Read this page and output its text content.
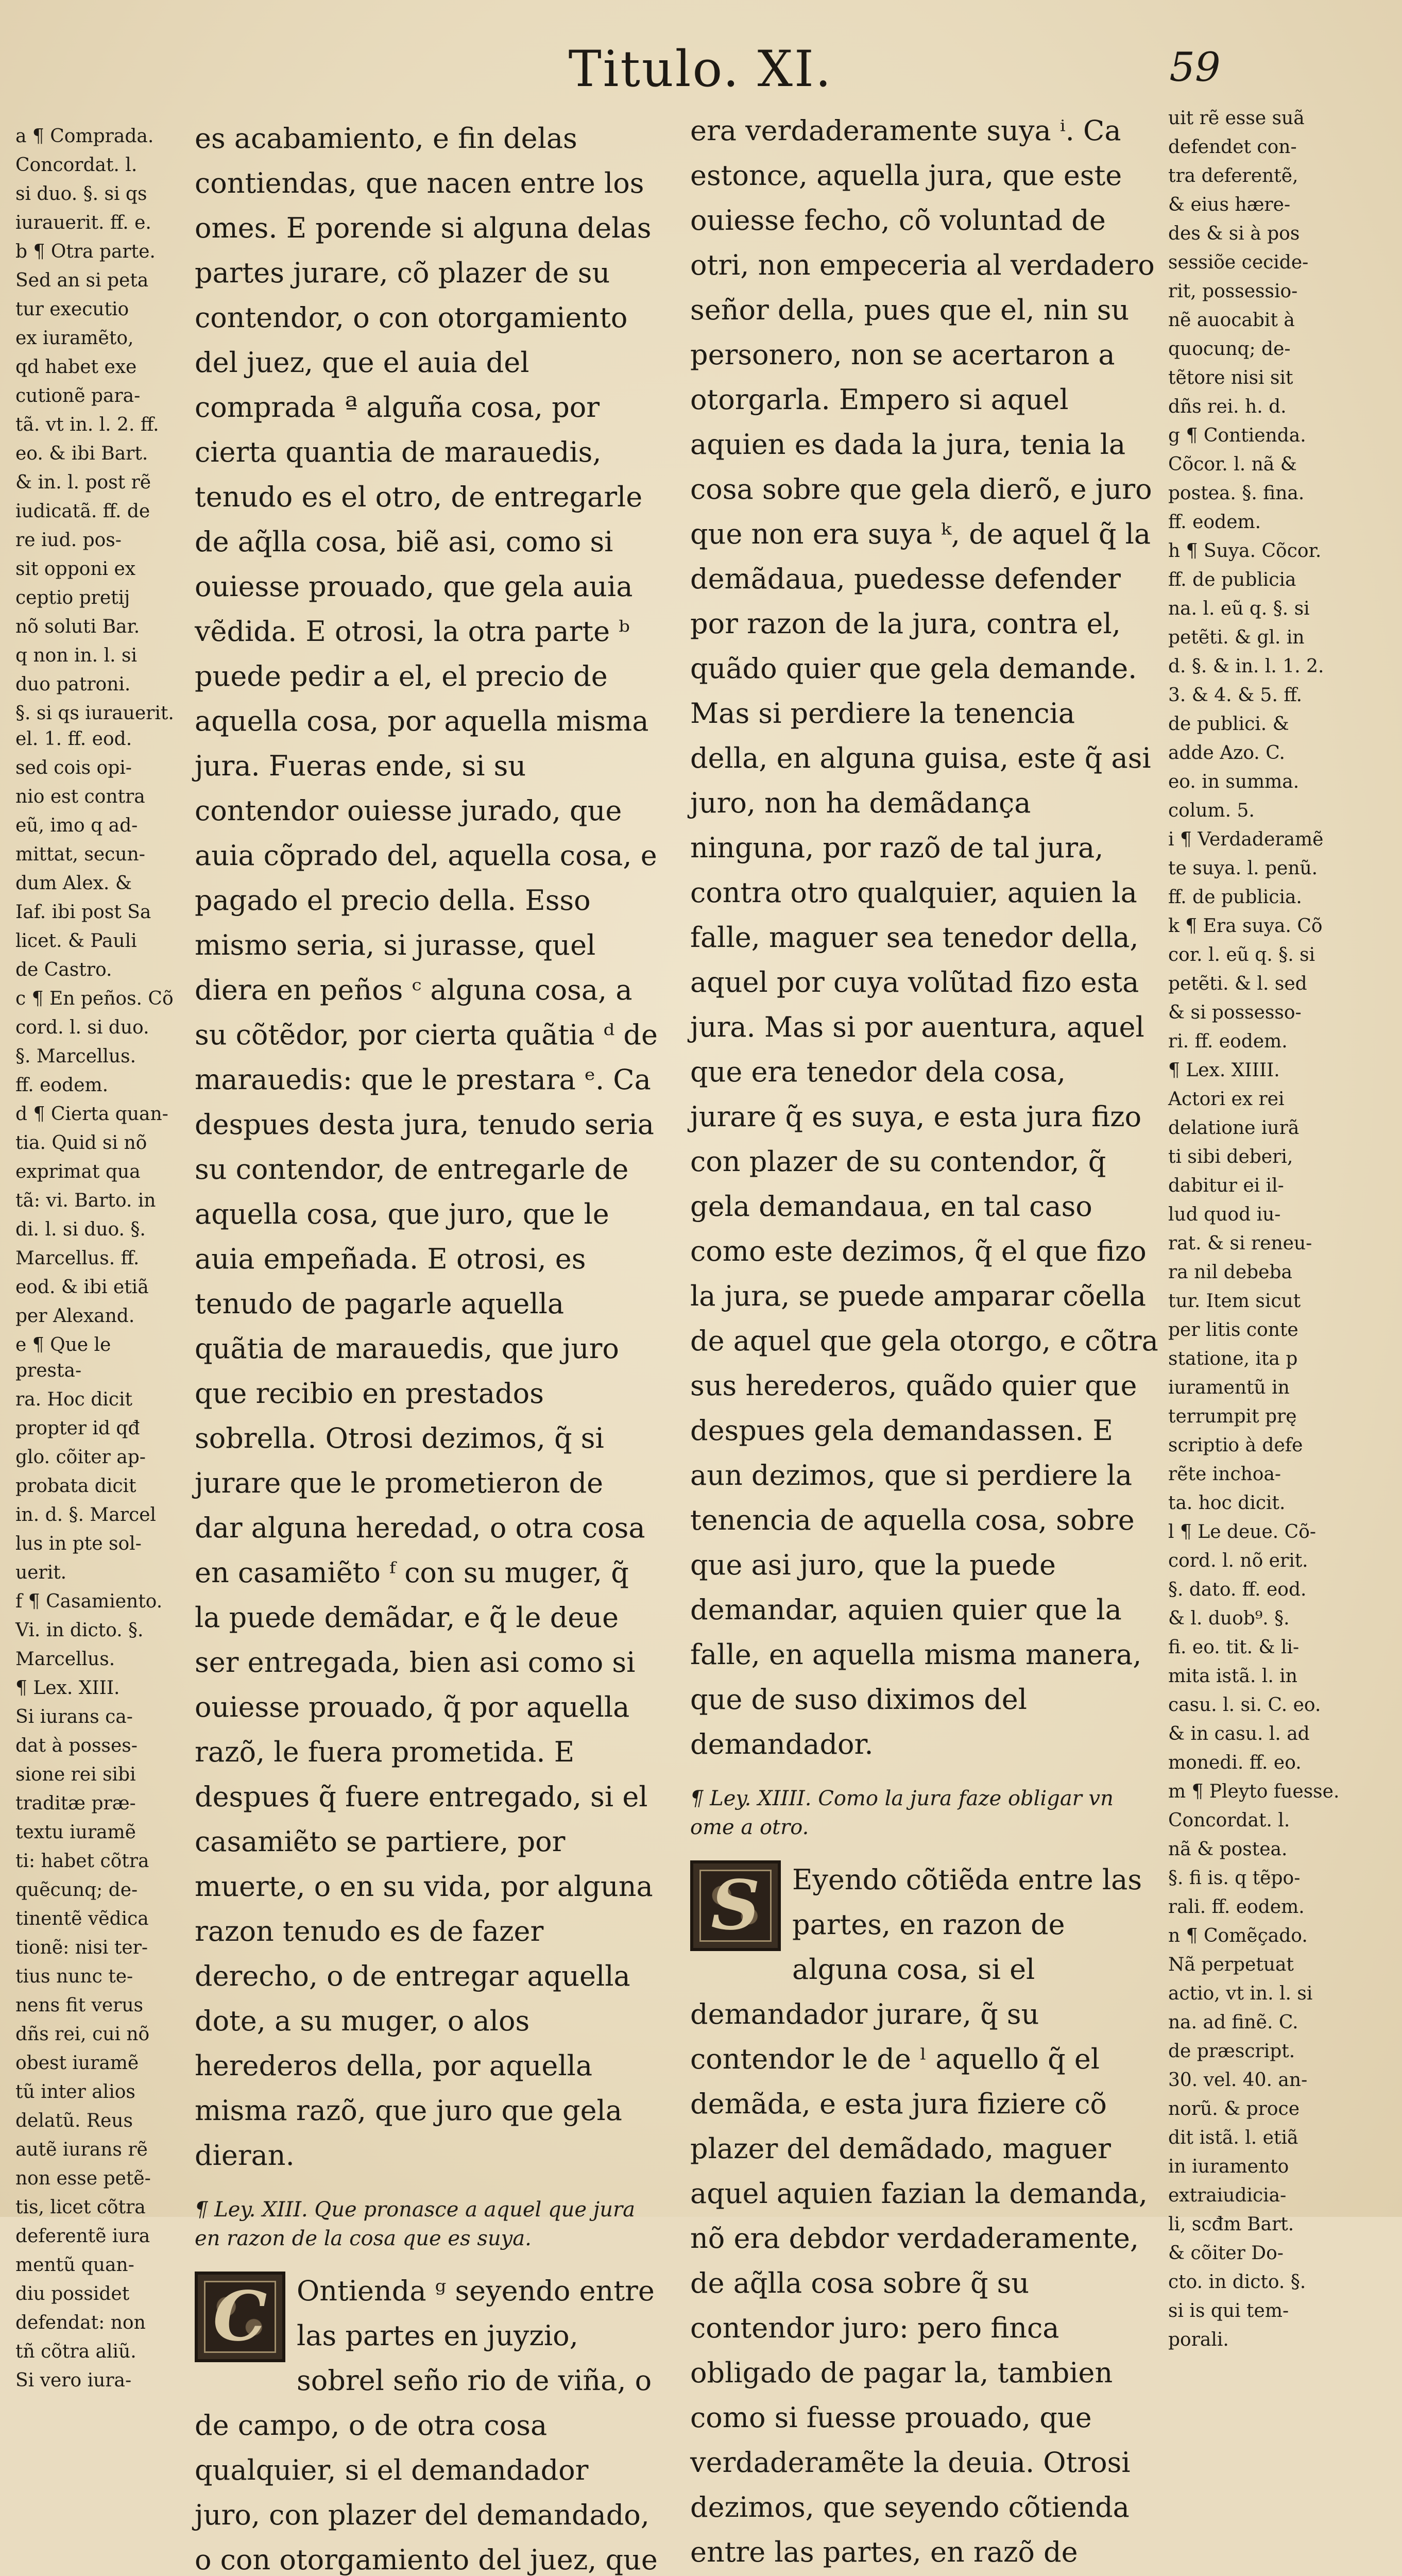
Titulo. XI.	59

a ¶ Comprada.

Concordat. l.

si duo. §. si qs

iurauerit. ff. e.

b ¶ Otra parte.

Sed an si peta

tur executio

ex iuramẽto,

qd habet exe

cutionẽ para-

tã. vt in. l. 2. ff.

eo. & ibi Bart.

& in. l. post rẽ

iudicatã. ff. de

re iud. pos-

sit opponi ex

ceptio pretij

nõ soluti Bar.

q non in. l. si

duo patroni.

§. si qs iurauerit. el. 1. ff. eod.

sed cois opi-

nio est contra

eũ, imo q ad-

mittat, secun-

dum Alex. &

Iaf. ibi post Sa

licet. & Pauli

de Castro.

c ¶ En peños. Cõ

cord. l. si duo.

§. Marcellus.

ff. eodem.

d ¶ Cierta quan-

tia. Quid si nõ

exprimat qua

tã: vi. Barto. in

di. l. si duo. §.

Marcellus. ff.

eod. & ibi etiã

per Alexand.

e ¶ Que le presta-

ra. Hoc dicit

propter id qđ

glo. cõiter ap-

probata dicit

in. d. §. Marcel

lus in pte sol-

uerit.

f ¶ Casamiento.

Vi. in dicto. §.

Marcellus.

¶ Lex. XIII.

Si iurans ca-

dat à posses-

sione rei sibi

traditæ præ-

textu iuramẽ

ti: habet cõtra

quẽcunq; de-

tinentẽ vẽdica

tionẽ: nisi ter-

tius nunc te-

nens fit verus

dñs rei, cui nõ

obest iuramẽ

tũ inter alios

delatũ. Reus

autẽ iurans rẽ

non esse petẽ-

tis, licet cõtra

deferentẽ iura

mentũ quan-

diu possidet

defendat: non

tñ cõtra aliũ.

Si vero iura-

es acabamiento, e fin delas contiendas, que nacen entre los omes. E porende si alguna delas partes jurare, cõ plazer de su contendor, o con otorgamiento del juez, que el auia del comprada ª alguña cosa, por cierta quantia de marauedis, tenudo es el otro, de entregarle de aq̃lla cosa, biẽ asi, como si ouiesse prouado, que gela auia vẽdida. E otrosi, la otra parte ᵇ puede pedir a el, el precio de aquella cosa, por aquella misma jura. Fueras ende, si su contendor ouiesse jurado, que auia cõprado del, aquella cosa, e pagado el precio della. Esso mismo seria, si jurasse, quel diera en peños ᶜ alguna cosa, a su cõtẽdor, por cierta quãtia ᵈ de marauedis: que le prestara ᵉ. Ca despues desta jura, tenudo seria su contendor, de entregarle de aquella cosa, que juro, que le auia empeñada. E otrosi, es tenudo de pagarle aquella quãtia de marauedis, que juro que recibio en prestados sobrella. Otrosi dezimos, q̃ si jurare que le prometieron de dar alguna heredad, o otra cosa en casamiẽto ᶠ con su muger, q̃ la puede demãdar, e q̃ le deue ser entregada, bien asi como si ouiesse prouado, q̃ por aquella razõ, le fuera prometida. E despues q̃ fuere entregado, si el casamiẽto se partiere, por muerte, o en su vida, por alguna razon tenudo es de fazer derecho, o de entregar aquella dote, a su muger, o alos herederos della, por aquella misma razõ, que juro que gela dieran.

¶ Ley. XIII. Que pronasce a aquel que jura en razon de la cosa que es suya.

C	Ontienda ᵍ seyendo entre las partes en juyzio, sobrel seño rio de viña, o de campo, o de otra cosa qualquier, si el demandador juro, con plazer del demandado, o con otorgamiento del juez, que

era verdaderamente suya ⁱ. Ca estonce, aquella jura, que este ouiesse fecho, cõ voluntad de otri, non empeceria al verdadero señor della, pues que el, nin su personero, non se acertaron a otorgarla. Empero si aquel aquien es dada la jura, tenia la cosa sobre que gela dierõ, e juro que non era suya ᵏ, de aquel q̃ la demãdaua, puedesse defender por razon de la jura, contra el, quãdo quier que gela demande. Mas si perdiere la tenencia della, en alguna guisa, este q̃ asi juro, non ha demãdança ninguna, por razõ de tal jura, contra otro qualquier, aquien la falle, maguer sea tenedor della, aquel por cuya volũtad fizo esta jura. Mas si por auentura, aquel que era tenedor dela cosa, jurare q̃ es suya, e esta jura fizo con plazer de su contendor, q̃ gela demandaua, en tal caso como este dezimos, q̃ el que fizo la jura, se puede amparar cõella de aquel que gela otorgo, e cõtra sus herederos, quãdo quier que despues gela demandassen. E aun dezimos, que si perdiere la tenencia de aquella cosa, sobre que asi juro, que la puede demandar, aquien quier que la falle, en aquella misma manera, que de suso diximos del demandador.

¶ Ley. XIIII. Como la jura faze obligar vn ome a otro.

S	Eyendo cõtiẽda entre las partes, en razon de alguna cosa, si el demandador jurare, q̃ su contendor le de ˡ aquello q̃ el demãda, e esta jura fiziere cõ plazer del demãdado, maguer aquel aquien fazian la demanda, nõ era debdor verdaderamente, de aq̃lla cosa sobre q̃ su contendor juro: pero finca obligado de pagar la, tambien como si fuesse prouado, que verdaderamẽte la deuia. Otrosi dezimos, que seyendo cõtienda entre las partes, en razõ de

uit rẽ esse suã

defendet con-

tra deferentẽ,

& eius hære-

des & si à pos

sessiõe cecide-

rit, possessio-

nẽ auocabit à

quocunq; de-

tẽtore nisi sit

dñs rei. h. d.

g ¶ Contienda.

Cõcor. l. nã &

postea. §. fina.

ff. eodem.

h ¶ Suya. Cõcor.

ff. de publicia

na. l. eũ q. §. si

petẽti. & gl. in

d. §. & in. l. 1. 2.

3. & 4. & 5. ff.

de publici. &

adde Azo. C.

eo. in summa.

colum. 5.

i ¶ Verdaderamẽ

te suya. l. penũ.

ff. de publicia.

k ¶ Era suya. Cõ

cor. l. eũ q. §. si

petẽti. & l. sed

& si possesso-

ri. ff. eodem.

¶ Lex. XIIII.

Actori ex rei

delatione iurã

ti sibi deberi,

dabitur ei il-

lud quod iu-

rat. & si reneu-

ra nil debeba

tur. Item sicut

per litis conte

statione, ita p

iuramentũ in

terrumpit prę

scriptio à defe

rẽte inchoa-

ta. hoc dicit.

l ¶ Le deue. Cõ-

cord. l. nõ erit.

§. dato. ff. eod.

& l. duob⁹. §.

fi. eo. tit. & li-

mita istã. l. in

casu. l. si. C. eo.

& in casu. l. ad

monedi. ff. eo.

m ¶ Pleyto fuesse.

Concordat. l.

nã & postea.

§. fi is. q tẽpo-

rali. ff. eodem.

n ¶ Comẽçado.

Nã perpetuat

actio, vt in. l. si

na. ad finẽ. C.

de præscript.

30. vel. 40. an-

norũ. & proce

dit istã. l. etiã

in iuramento

extraiudicia-

li, scđm Bart.

& cõiter Do-

cto. in dicto. §.

si is qui tem-

porali.
